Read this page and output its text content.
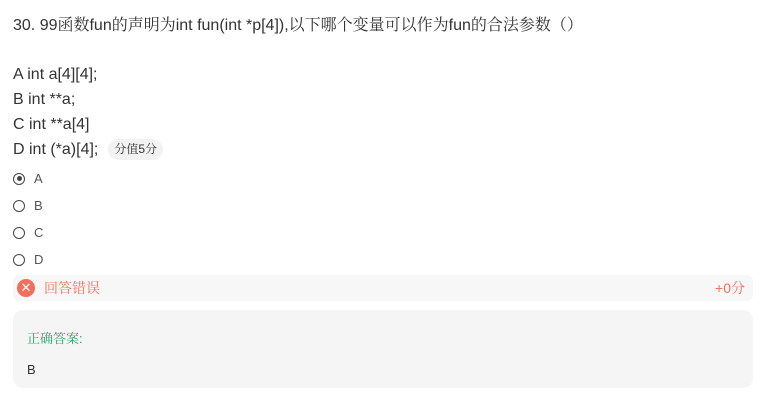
30. 99函数fun的声明为int fun(int *p[4]),以下哪个变量可以作为fun的合法参数（）
A int a[4][4];
B int **a;
C int **a[4]
D int (*a)[4];	分值5分
A
B
C
D
✕ 回答错误	+0分
正确答案:
B
